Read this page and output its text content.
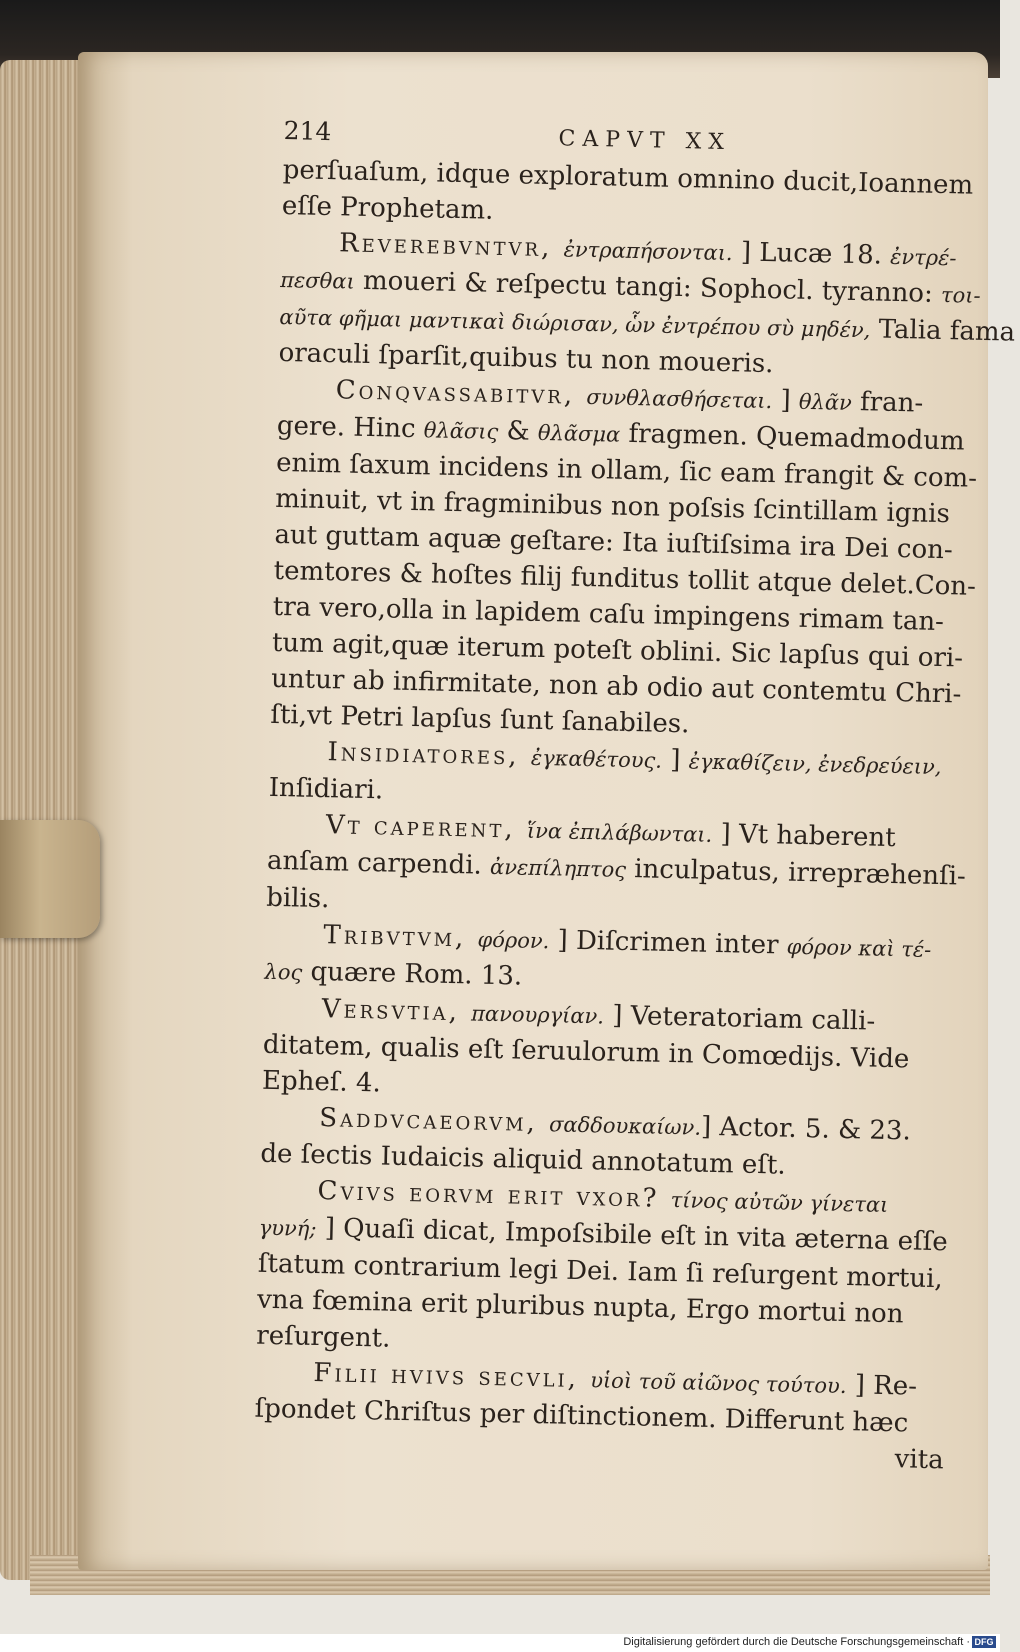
214	CAPVT XX
perſuaſum, idque exploratum omnino ducit,Ioannem
eſſe Prophetam.
Reverebvntvr, ἐντραπήσονται. ] Lucæ 18. ἐντρέ-
πεσθαι moueri & reſpectu tangi: Sophocl. tyranno: τοι-
αῦτα φῆμαι μαντικαὶ διώρισαν, ὧν ἐντρέπου σὺ μηδέν, Talia fama
oraculi ſparſit,quibus tu non moueris.
Conqvassabitvr, συνθλασθήσεται. ] θλᾶν fran-
gere. Hinc θλᾶσις & θλᾶσμα fragmen. Quemadmodum
enim ſaxum incidens in ollam, ſic eam frangit & com-
minuit, vt in fragminibus non poſsis ſcintillam ignis
aut guttam aquæ geſtare: Ita iuſtiſsima ira Dei con-
temtores & hoſtes filij funditus tollit atque delet.Con-
tra vero,olla in lapidem caſu impingens rimam tan-
tum agit,quæ iterum poteſt oblini. Sic lapſus qui ori-
untur ab infirmitate, non ab odio aut contemtu Chri-
ſti,vt Petri lapſus ſunt ſanabiles.
Insidiatores, ἐγκαθέτους. ] ἐγκαθίζειν, ἐνεδρεύειν,
Inſidiari.
Vt caperent, ἵνα ἐπιλάβωνται. ] Vt haberent
anſam carpendi. ἀνεπίληπτος inculpatus, irrepræhenſi-
bilis.
Tribvtvm, φόρον. ] Diſcrimen inter φόρον καὶ τέ-
λος quære Rom. 13.
Versvtia, πανουργίαν. ] Veteratoriam calli-
ditatem, qualis eſt ſeruulorum in Comœdijs. Vide
Epheſ. 4.
Saddvcaeorvm, σαδδουκαίων.] Actor. 5. & 23.
de ſectis Iudaicis aliquid annotatum eſt.
Cvivs eorvm erit vxor? τίνος αὐτῶν γίνεται
γυνή; ] Quaſi dicat, Impoſsibile eſt in vita æterna eſſe
ſtatum contrarium legi Dei. Iam ſi reſurgent mortui,
vna fœmina erit pluribus nupta, Ergo mortui non
reſurgent.
Filii hvivs secvli, υἱοὶ τοῦ αἰῶνος τούτου. ] Re-
ſpondet Chriſtus per diſtinctionem. Differunt hæc
vita
Digitalisierung gefördert durch die Deutsche Forschungsgemeinschaft · DFG
